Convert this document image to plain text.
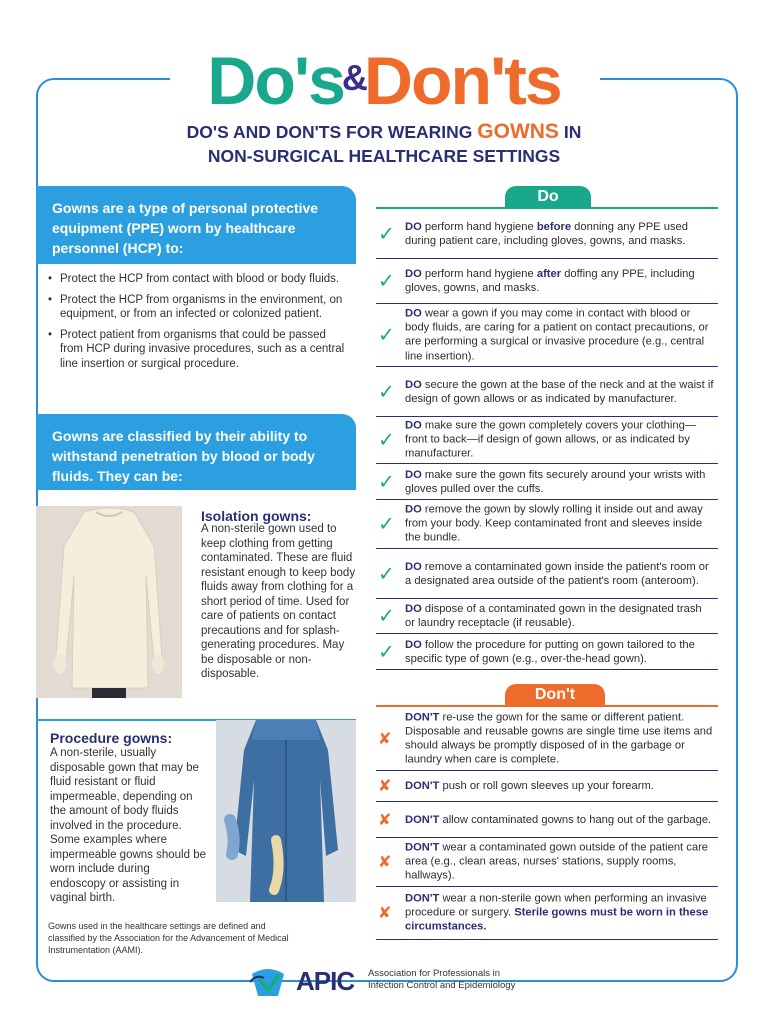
Do's&Don'ts
DO'S AND DON'TS FOR WEARING GOWNS IN
NON-SURGICAL HEALTHCARE SETTINGS
Gowns are a type of personal protective equipment (PPE) worn by healthcare personnel (HCP) to:
• Protect the HCP from contact with blood or body fluids.
• Protect the HCP from organisms in the environment, on equipment, or from an infected or colonized patient.
• Protect patient from organisms that could be passed from HCP during invasive procedures, such as a central line insertion or surgical procedure.
Gowns are classified by their ability to withstand penetration by blood or body fluids. They can be:
Isolation gowns:
A non-sterile gown used to keep clothing from getting contaminated. These are fluid resistant enough to keep body fluids away from clothing for a short period of time. Used for care of patients on contact precautions and for splash-generating procedures. May be disposable or non-disposable.
Procedure gowns:
A non-sterile, usually disposable gown that may be fluid resistant or fluid impermeable, depending on the amount of body fluids involved in the procedure. Some examples where impermeable gowns should be worn include during endoscopy or assisting in vaginal birth.
Gowns used in the healthcare settings are defined and classified by the Association for the Advancement of Medical Instrumentation (AAMI).
Do
✓ DO perform hand hygiene before donning any PPE used during patient care, including gloves, gowns, and masks.
✓ DO perform hand hygiene after doffing any PPE, including gloves, gowns, and masks.
✓
DO wear a gown if you may come in contact with blood or body fluids, are caring for a patient on contact precautions, or are performing a surgical or invasive procedure (e.g., central line insertion).
✓ DO secure the gown at the base of the neck and at the waist if design of gown allows or as indicated by manufacturer.
✓
DO make sure the gown completely covers your clothing—front to back—if design of gown allows, or as indicated by manufacturer.
✓ DO make sure the gown fits securely around your wrists with gloves pulled over the cuffs.
✓
DO remove the gown by slowly rolling it inside out and away from your body. Keep contaminated front and sleeves inside the bundle.
✓ DO remove a contaminated gown inside the patient's room or a designated area outside of the patient's room (anteroom).
✓ DO dispose of a contaminated gown in the designated trash or laundry receptacle (if reusable).
✓ DO follow the procedure for putting on gown tailored to the specific type of gown (e.g., over-the-head gown).
Don't
✘
DON'T re-use the gown for the same or different patient. Disposable and reusable gowns are single time use items and should always be promptly disposed of in the garbage or laundry when care is complete.
✘ DON'T push or roll gown sleeves up your forearm.
✘ DON'T allow contaminated gowns to hang out of the garbage.
✘
DON'T wear a contaminated gown outside of the patient care area (e.g., clean areas, nurses' stations, supply rooms, hallways).
✘
DON'T wear a non-sterile gown when performing an invasive procedure or surgery. Sterile gowns must be worn in these circumstances.
APIC Association for Professionals in
Infection Control and Epidemiology
